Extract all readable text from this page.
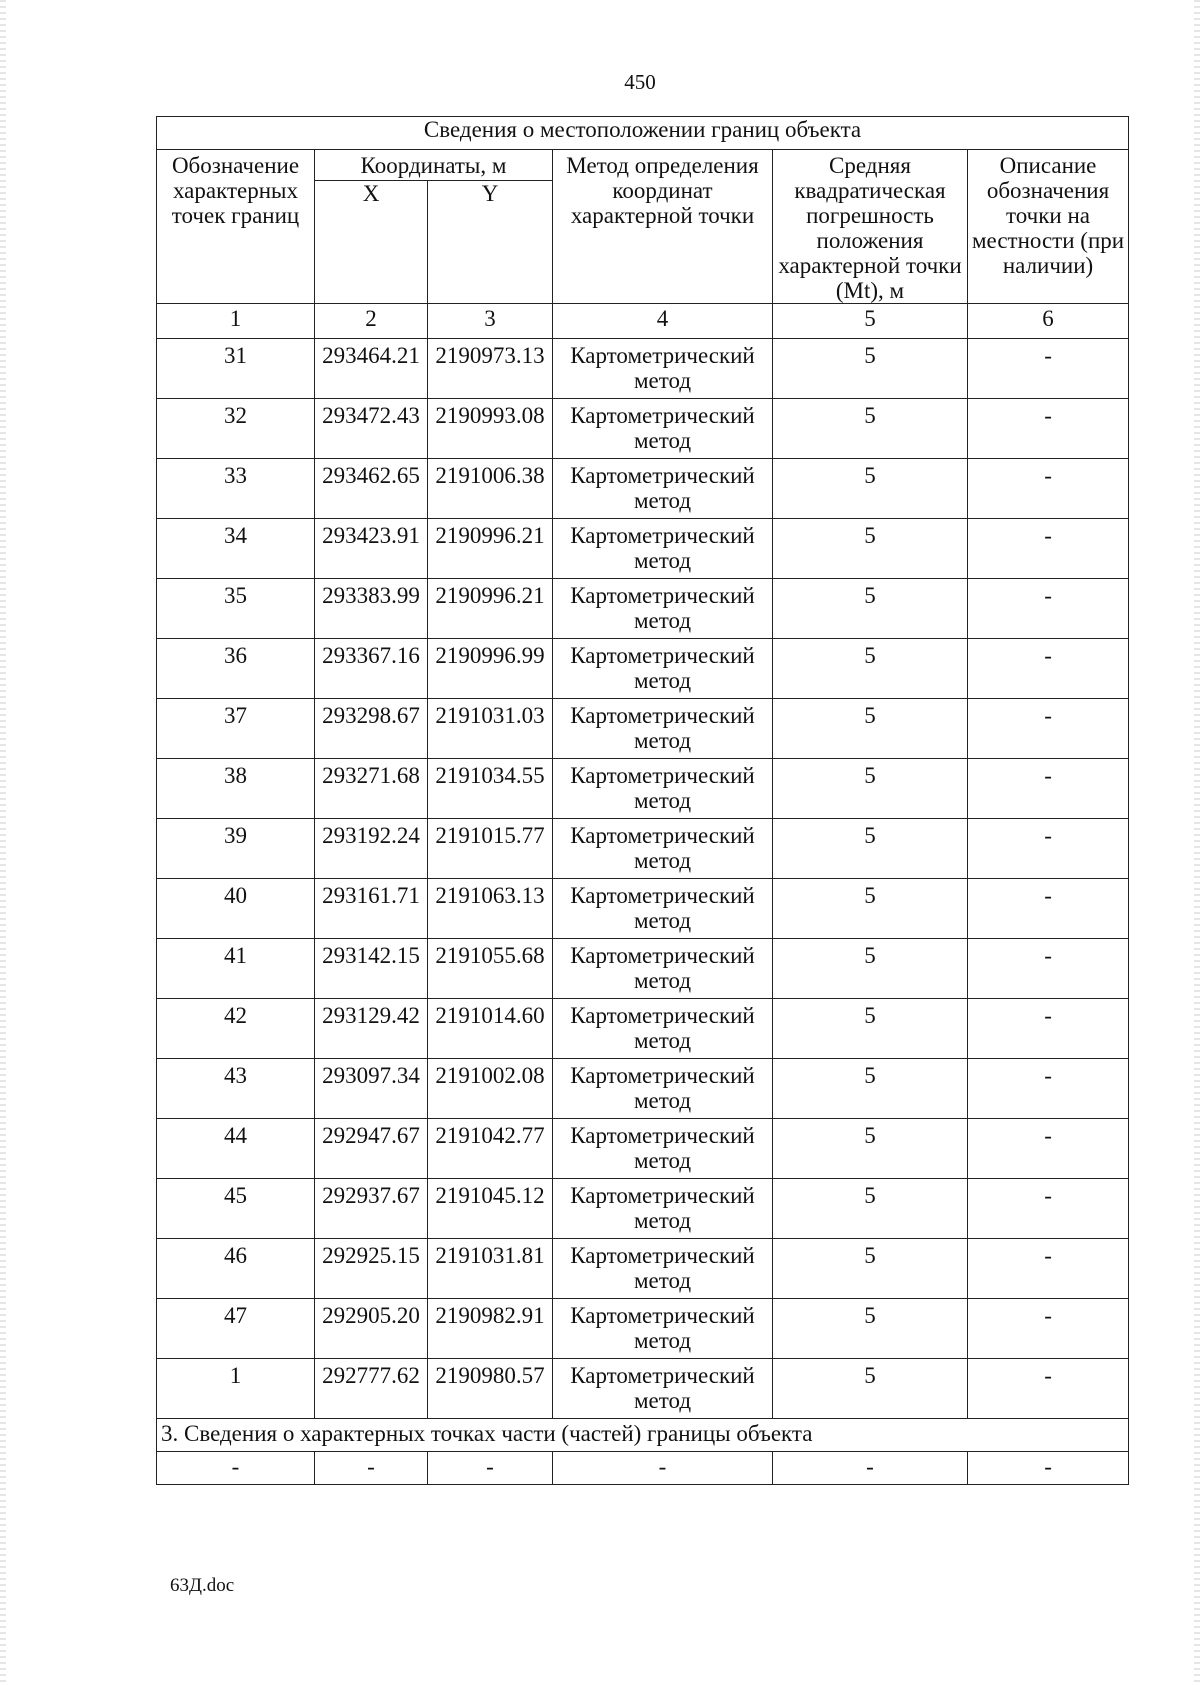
450
Сведения о местоположении границ объекта					
Обозначение характерных точек границ	Координаты, м		Метод определения координат характерной точки	Средняя квадратическая погрешность положения характерной точки (Mt), м	Описание обозначения точки на местности (при наличии)
	X	Y			
1	2	3	4	5	6
31	293464.21	2190973.13	Картометрический метод	5	-
32	293472.43	2190993.08	Картометрический метод	5	-
33	293462.65	2191006.38	Картометрический метод	5	-
34	293423.91	2190996.21	Картометрический метод	5	-
35	293383.99	2190996.21	Картометрический метод	5	-
36	293367.16	2190996.99	Картометрический метод	5	-
37	293298.67	2191031.03	Картометрический метод	5	-
38	293271.68	2191034.55	Картометрический метод	5	-
39	293192.24	2191015.77	Картометрический метод	5	-
40	293161.71	2191063.13	Картометрический метод	5	-
41	293142.15	2191055.68	Картометрический метод	5	-
42	293129.42	2191014.60	Картометрический метод	5	-
43	293097.34	2191002.08	Картометрический метод	5	-
44	292947.67	2191042.77	Картометрический метод	5	-
45	292937.67	2191045.12	Картометрический метод	5	-
46	292925.15	2191031.81	Картометрический метод	5	-
47	292905.20	2190982.91	Картометрический метод	5	-
1	292777.62	2190980.57	Картометрический метод	5	-
3. Сведения о характерных точках части (частей) границы объекта					
-	-	-	-	-	-
63Д.doc
